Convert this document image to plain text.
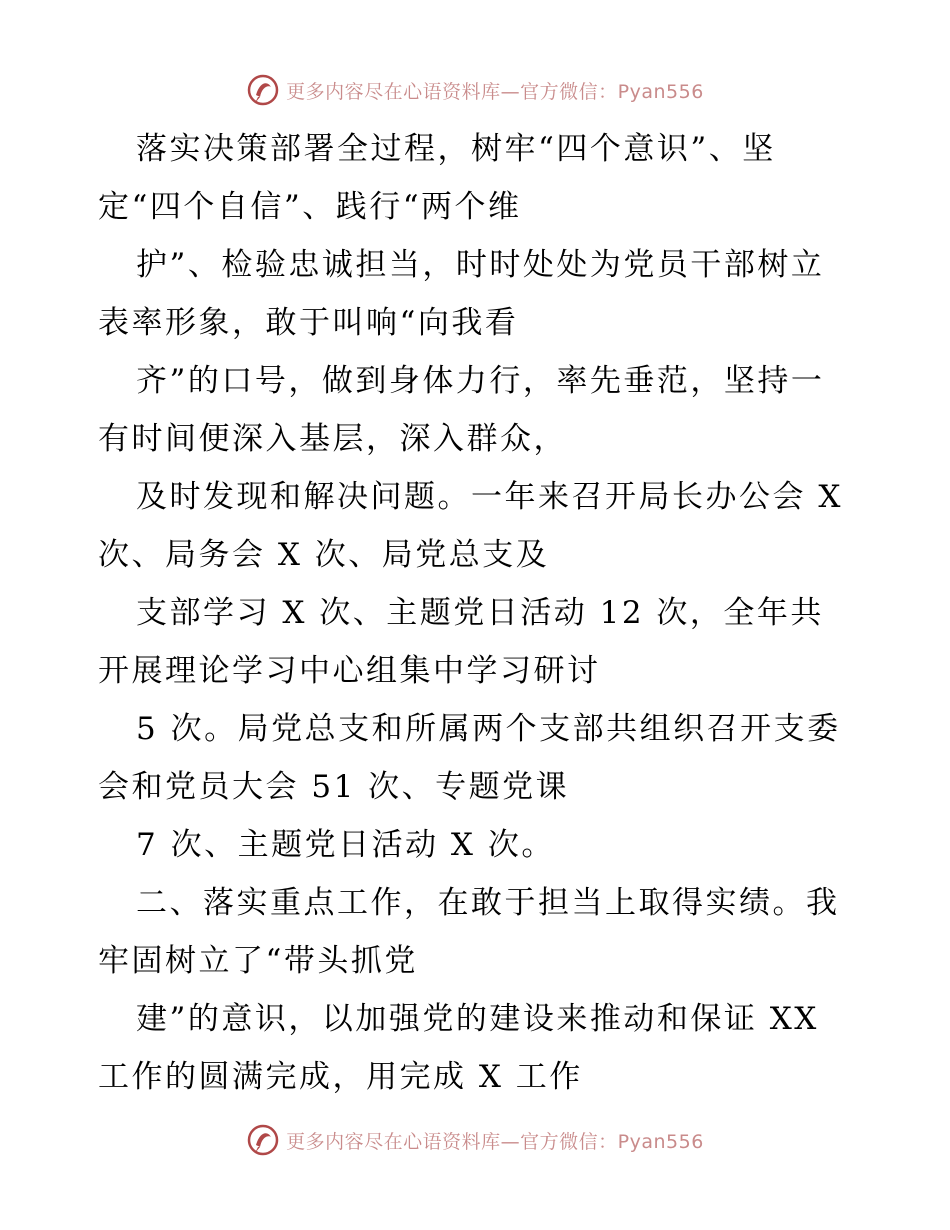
更多内容尽在心语资料库—官方微信：Pyan556
落实决策部署全过程，树牢“四个意识”、坚
定“四个自信”、践行“两个维
护”、检验忠诚担当，时时处处为党员干部树立
表率形象，敢于叫响“向我看
齐”的口号，做到身体力行，率先垂范，坚持一
有时间便深入基层，深入群众，
及时发现和解决问题。一年来召开局长办公会 X
次、局务会 X 次、局党总支及
支部学习 X 次、主题党日活动 12 次，全年共
开展理论学习中心组集中学习研讨
5 次。局党总支和所属两个支部共组织召开支委
会和党员大会 51 次、专题党课
7 次、主题党日活动 X 次。
二、落实重点工作，在敢于担当上取得实绩。我
牢固树立了“带头抓党
建”的意识，以加强党的建设来推动和保证 XX
工作的圆满完成，用完成 X 工作
更多内容尽在心语资料库—官方微信：Pyan556
